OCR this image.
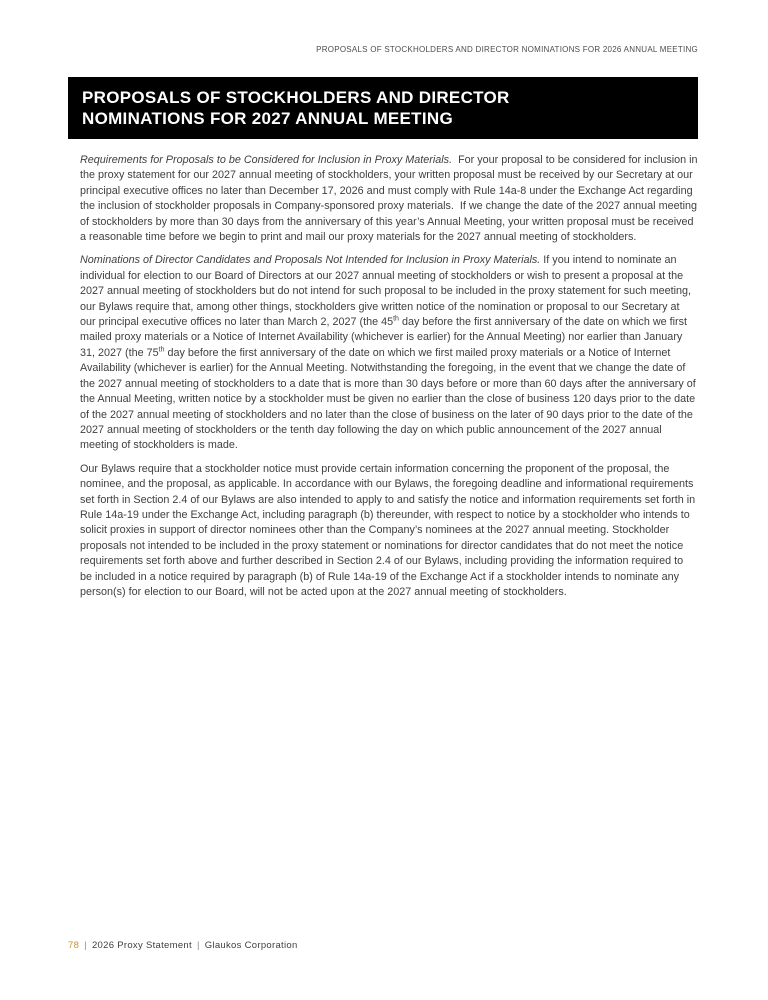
PROPOSALS OF STOCKHOLDERS AND DIRECTOR NOMINATIONS FOR 2026 ANNUAL MEETING
PROPOSALS OF STOCKHOLDERS AND DIRECTOR
NOMINATIONS FOR 2027 ANNUAL MEETING

Requirements for Proposals to be Considered for Inclusion in Proxy Materials.  For your proposal to be considered for inclusion in the proxy statement for our 2027 annual meeting of stockholders, your written proposal must be received by our Secretary at our principal executive offices no later than December 17, 2026 and must comply with Rule 14a-8 under the Exchange Act regarding the inclusion of stockholder proposals in Company-sponsored proxy materials.  If we change the date of the 2027 annual meeting of stockholders by more than 30 days from the anniversary of this year’s Annual Meeting, your written proposal must be received a reasonable time before we begin to print and mail our proxy materials for the 2027 annual meeting of stockholders.

Nominations of Director Candidates and Proposals Not Intended for Inclusion in Proxy Materials. If you intend to nominate an individual for election to our Board of Directors at our 2027 annual meeting of stockholders or wish to present a proposal at the 2027 annual meeting of stockholders but do not intend for such proposal to be included in the proxy statement for such meeting, our Bylaws require that, among other things, stockholders give written notice of the nomination or proposal to our Secretary at our principal executive offices no later than March 2, 2027 (the 45th day before the first anniversary of the date on which we first mailed proxy materials or a Notice of Internet Availability (whichever is earlier) for the Annual Meeting) nor earlier than January 31, 2027 (the 75th day before the first anniversary of the date on which we first mailed proxy materials or a Notice of Internet Availability (whichever is earlier) for the Annual Meeting. Notwithstanding the foregoing, in the event that we change the date of the 2027 annual meeting of stockholders to a date that is more than 30 days before or more than 60 days after the anniversary of the Annual Meeting, written notice by a stockholder must be given no earlier than the close of business 120 days prior to the date of the 2027 annual meeting of stockholders and no later than the close of business on the later of 90 days prior to the date of the 2027 annual meeting of stockholders or the tenth day following the day on which public announcement of the 2027 annual meeting of stockholders is made.

Our Bylaws require that a stockholder notice must provide certain information concerning the proponent of the proposal, the nominee, and the proposal, as applicable. In accordance with our Bylaws, the foregoing deadline and informational requirements set forth in Section 2.4 of our Bylaws are also intended to apply to and satisfy the notice and information requirements set forth in Rule 14a-19 under the Exchange Act, including paragraph (b) thereunder, with respect to notice by a stockholder who intends to solicit proxies in support of director nominees other than the Company’s nominees at the 2027 annual meeting. Stockholder proposals not intended to be included in the proxy statement or nominations for director candidates that do not meet the notice requirements set forth above and further described in Section 2.4 of our Bylaws, including providing the information required to be included in a notice required by paragraph (b) of Rule 14a-19 of the Exchange Act if a stockholder intends to nominate any person(s) for election to our Board, will not be acted upon at the 2027 annual meeting of stockholders.

78 | 2026 Proxy Statement | Glaukos Corporation
